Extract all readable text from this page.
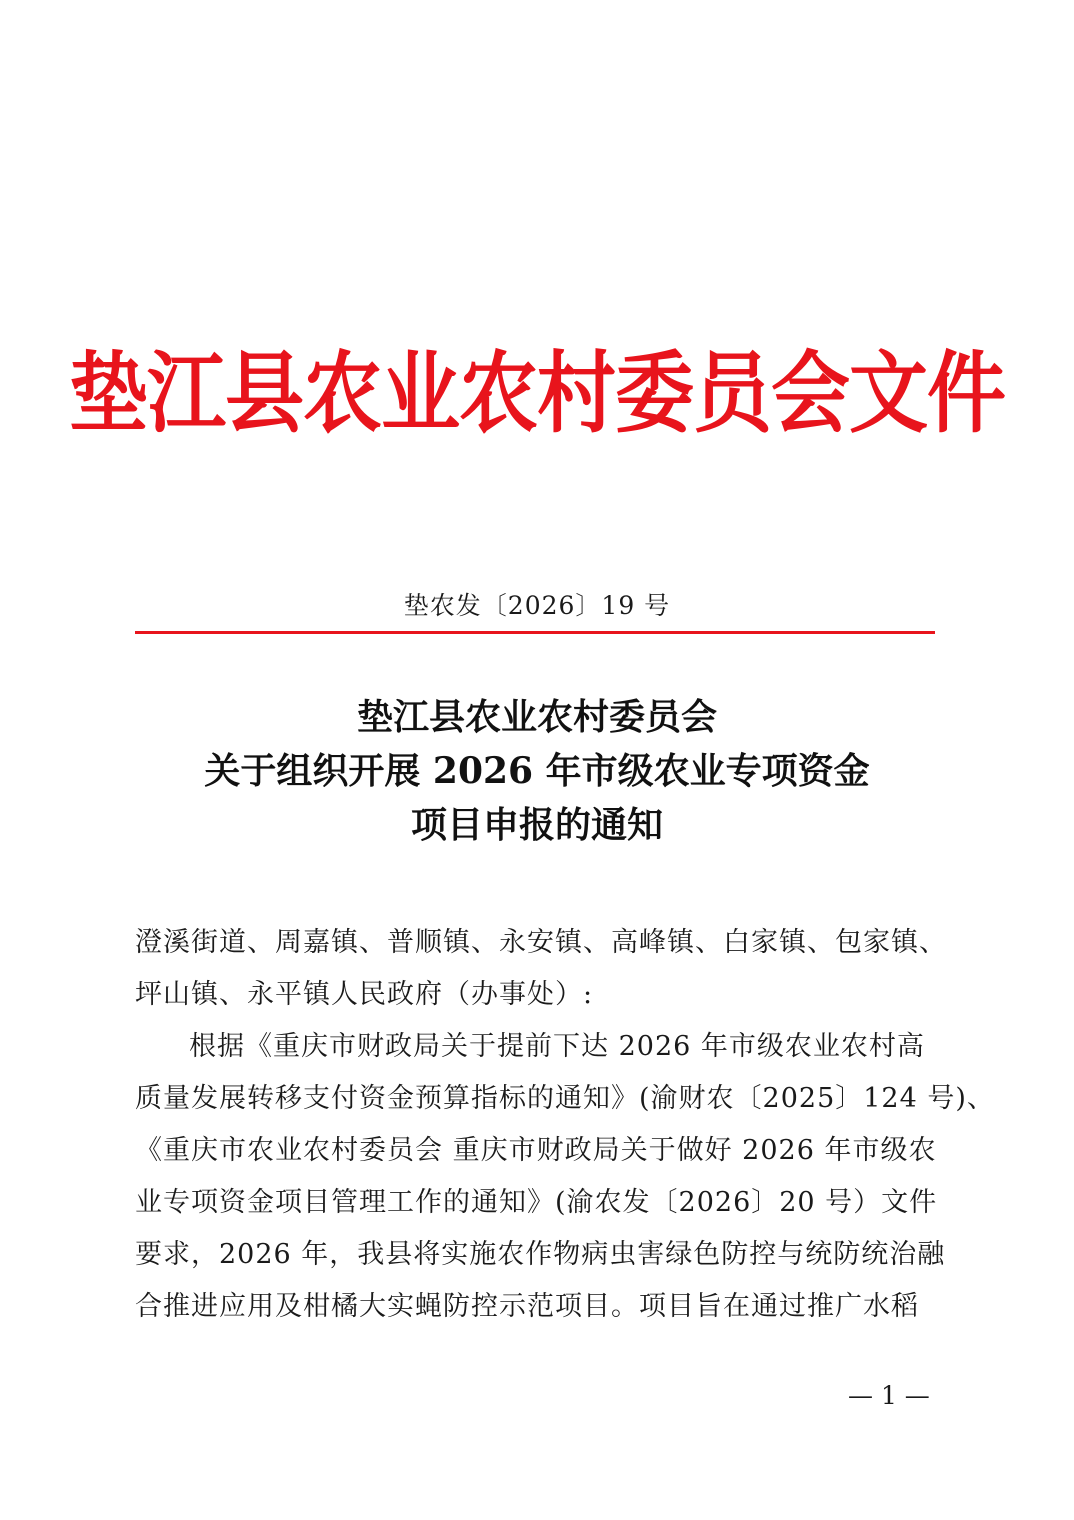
垫江县农业农村委员会文件
垫农发〔2026〕19 号
垫江县农业农村委员会
关于组织开展 2026 年市级农业专项资金
项目申报的通知
澄溪街道、周嘉镇、普顺镇、永安镇、高峰镇、白家镇、包家镇、
坪山镇、永平镇人民政府（办事处）:
根据《重庆市财政局关于提前下达 2026 年市级农业农村高
质量发展转移支付资金预算指标的通知》(渝财农〔2025〕124 号)、
《重庆市农业农村委员会 重庆市财政局关于做好 2026 年市级农
业专项资金项目管理工作的通知》(渝农发〔2026〕20 号）文件
要求，2026 年，我县将实施农作物病虫害绿色防控与统防统治融
合推进应用及柑橘大实蝇防控示范项目。项目旨在通过推广水稻
— 1 —
